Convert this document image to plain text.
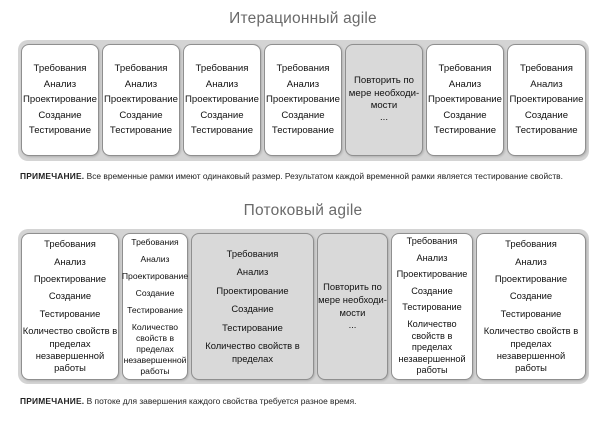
Итерационный agile
Требования
Анализ
Проектирование
Создание
Тестирование
Требования
Анализ
Проектирование
Создание
Тестирование
Требования
Анализ
Проектирование
Создание
Тестирование
Требования
Анализ
Проектирование
Создание
Тестирование
Повторить по
мере необходи-
мости
...
Требования
Анализ
Проектирование
Создание
Тестирование
Требования
Анализ
Проектирование
Создание
Тестирование
ПРИМЕЧАНИЕ. Все временные рамки имеют одинаковый размер. Результатом каждой временной рамки является тестирование свойств.
Потоковый agile
Требования
Анализ
Проектирование
Создание
Тестирование
Количество свойств в
пределах
незавершенной
работы
Требования
Анализ
Проектирование
Создание
Тестирование
Количество
свойств в
пределах
незавершенной
работы
Требования
Анализ
Проектирование
Создание
Тестирование
Количество свойств в
пределах
Повторить по
мере необходи-
мости
...
Требования
Анализ
Проектирование
Создание
Тестирование
Количество
свойств в
пределах
незавершенной
работы
Требования
Анализ
Проектирование
Создание
Тестирование
Количество свойств в
пределах
незавершенной
работы
ПРИМЕЧАНИЕ. В потоке для завершения каждого свойства требуется разное время.
